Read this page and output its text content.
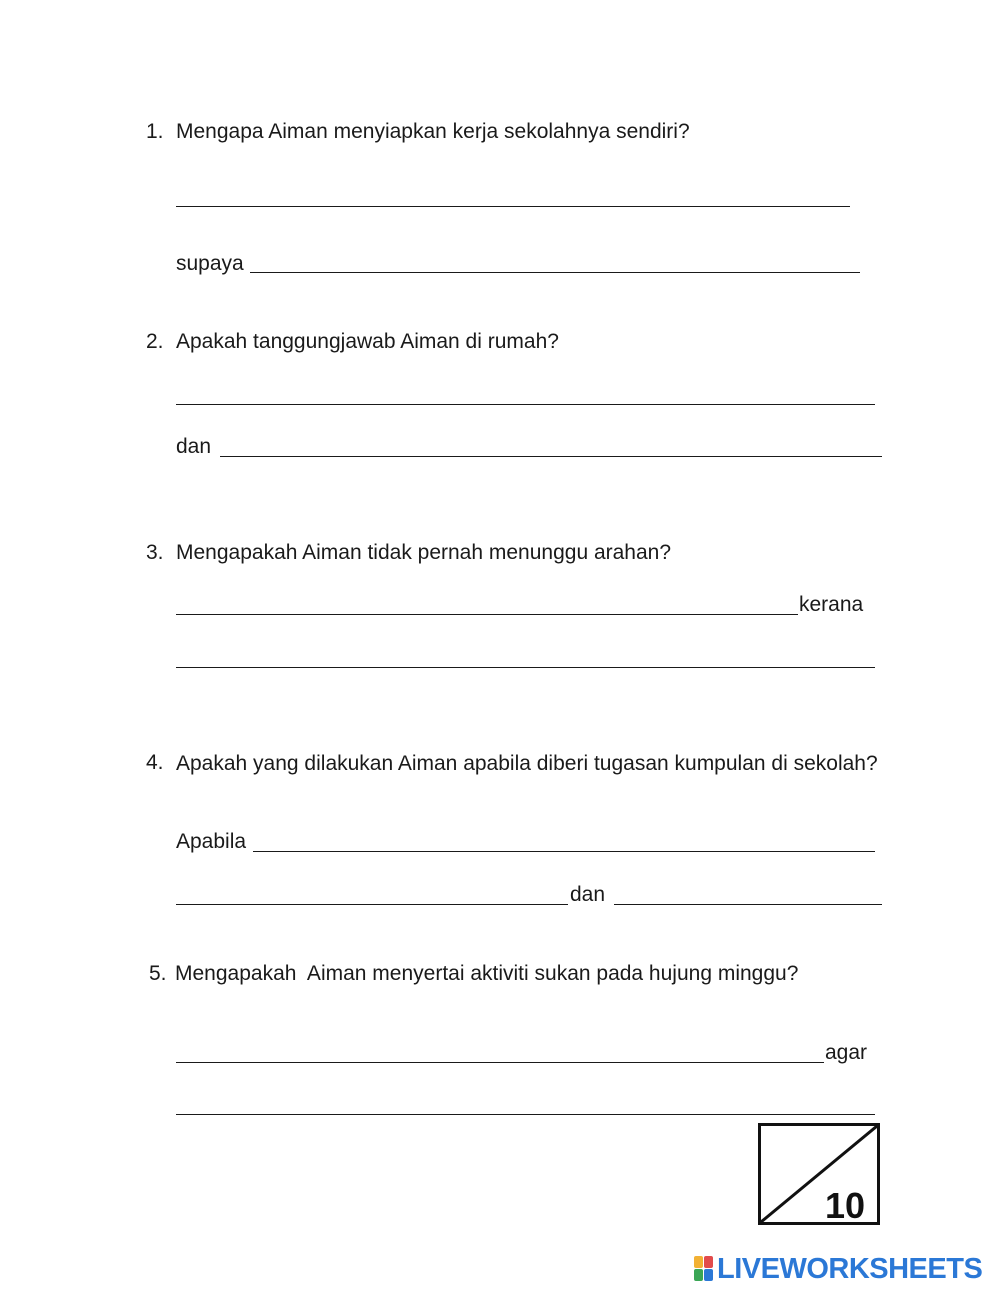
1. Mengapa Aiman menyiapkan kerja sekolahnya sendiri?
supaya
2. Apakah tanggungjawab Aiman di rumah?
dan
3. Mengapakah Aiman tidak pernah menunggu arahan?
kerana
4. Apakah yang dilakukan Aiman apabila diberi tugasan kumpulan di sekolah?
Apabila
dan
5. Mengapakah  Aiman menyertai aktiviti sukan pada hujung minggu?
agar
10
LIVEWORKSHEETS
